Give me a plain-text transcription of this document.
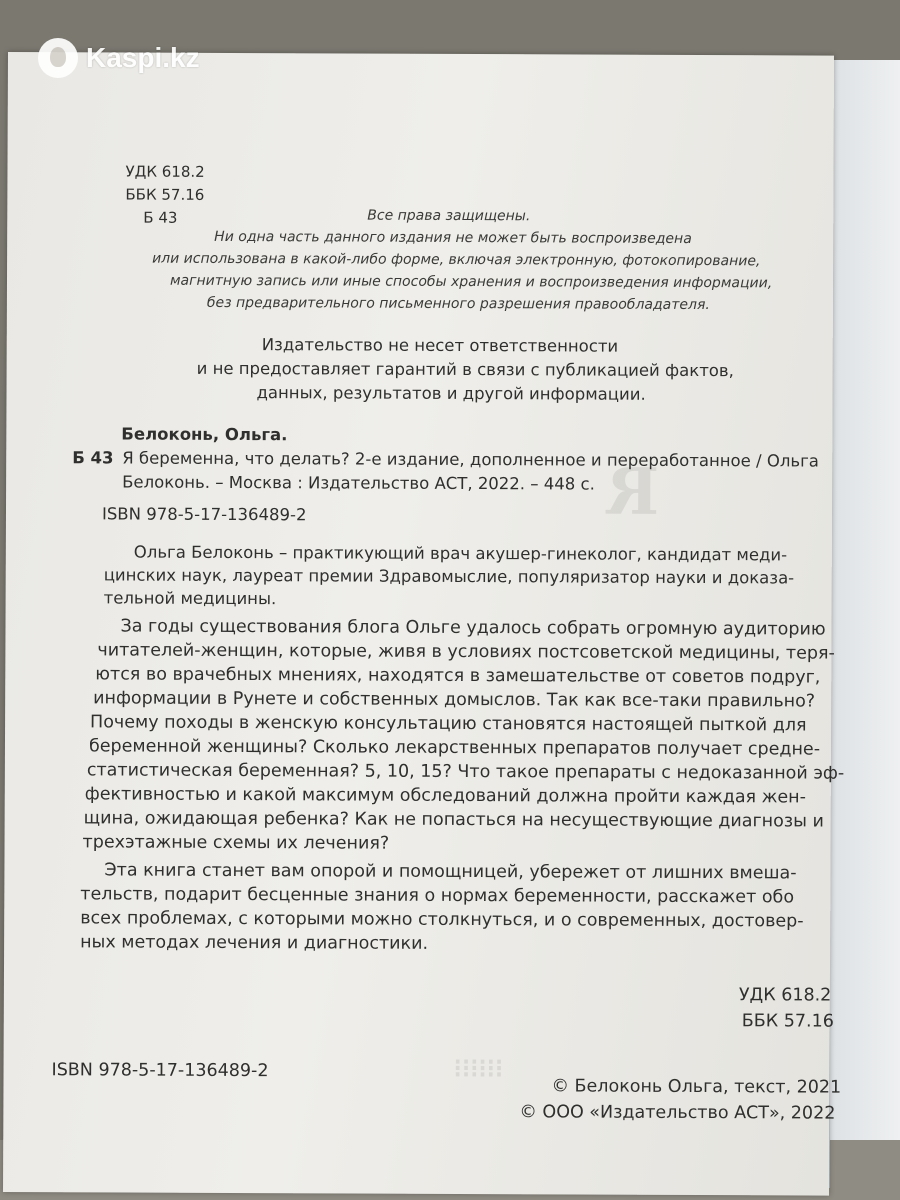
R
⁝⁝⁝⁝⁝⁝
УДК 618.2
ББК 57.16
Б 43	Все права защищены.
Ни одна часть данного издания не может быть воспроизведена
или использована в какой-либо форме, включая электронную, фотокопирование,
магнитную запись или иные способы хранения и воспроизведения информации,
без предварительного письменного разрешения правообладателя.
Издательство не несет ответственности
и не предоставляет гарантий в связи с публикацией фактов,
данных, результатов и другой информации.
Белоконь, Ольга.
Б 43 Я беременна, что делать? 2-е издание, дополненное и переработанное / Ольга
Белоконь. – Москва : Издательство АСТ, 2022. – 448 с.
ISBN 978-5-17-136489-2
Ольга Белоконь – практикующий врач акушер-гинеколог, кандидат меди-
цинских наук, лауреат премии Здравомыслие, популяризатор науки и доказа-
тельной медицины.
За годы существования блога Ольге удалось собрать огромную аудиторию
читателей-женщин, которые, живя в условиях постсоветской медицины, теря-
ются во врачебных мнениях, находятся в замешательстве от советов подруг,
информации в Рунете и собственных домыслов. Так как все-таки правильно?
Почему походы в женскую консультацию становятся настоящей пыткой для
беременной женщины? Сколько лекарственных препаратов получает средне-
статистическая беременная? 5, 10, 15? Что такое препараты с недоказанной эф-
фективностью и какой максимум обследований должна пройти каждая жен-
щина, ожидающая ребенка? Как не попасться на несуществующие диагнозы и
трехэтажные схемы их лечения?
Эта книга станет вам опорой и помощницей, убережет от лишних вмеша-
тельств, подарит бесценные знания о нормах беременности, расскажет обо
всех проблемах, с которыми можно столкнуться, и о современных, достовер-
ных методах лечения и диагностики.
УДК 618.2
ББК 57.16
ISBN 978-5-17-136489-2
© Белоконь Ольга, текст, 2021
© ООО «Издательство АСТ», 2022
Kaspi.kz
